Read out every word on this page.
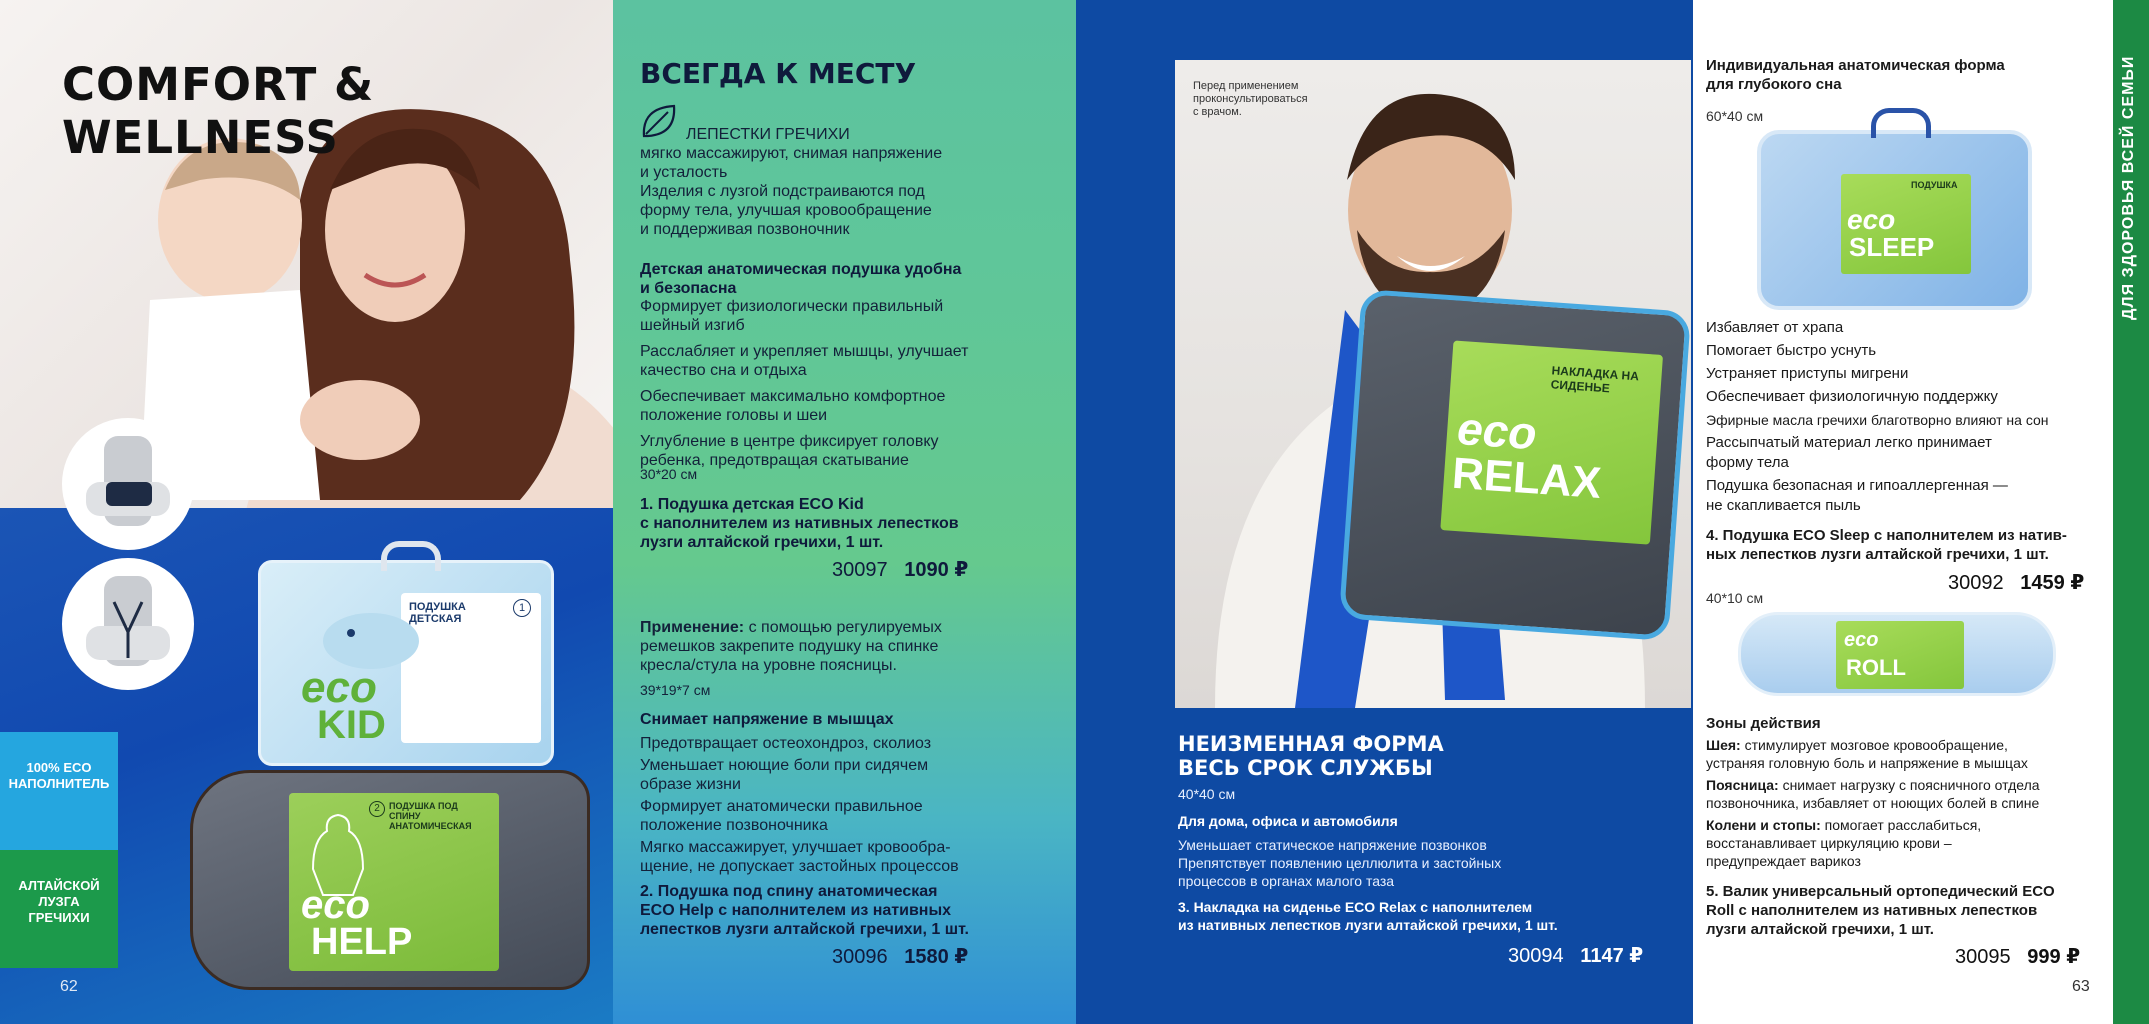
COMFORT & WELLNESS
100% ECO НАПОЛНИТЕЛЬ
АЛТАЙСКОЙ ЛУЗГА ГРЕЧИХИ
ПОДУШКА ДЕТСКАЯ
1
eco
KID
ПОДУШКА ПОД СПИНУ АНАТОМИЧЕСКАЯ
2
eco
HELP
62
ВСЕГДА К МЕСТУ
ЛЕПЕСТКИ ГРЕЧИХИ
мягко массажируют, снимая напряжение
и усталость
Изделия с лузгой подстраиваются под
форму тела, улучшая кровообращение
и поддерживая позвоночник
Детская анатомическая подушка удобна
и безопасна
Формирует физиологически правильный
шейный изгиб
Расслабляет и укрепляет мышцы, улучшает
качество сна и отдыха
Обеспечивает максимально комфортное
положение головы и шеи
Углубление в центре фиксирует головку
ребенка, предотвращая скатывание
30*20 см
1. Подушка детская ECO Kid
с наполнителем из нативных лепестков
лузги алтайской гречихи, 1 шт.
30097 1090 ₽
Применение: с помощью регулируемых
ремешков закрепите подушку на спинке
кресла/стула на уровне поясницы.
39*19*7 см
Снимает напряжение в мышцах
Предотвращает остеохондроз, сколиоз
Уменьшает ноющие боли при сидячем
образе жизни
Формирует анатомически правильное
положение позвоночника
Мягко массажирует, улучшает кровообра-
щение, не допускает застойных процессов
2. Подушка под спину анатомическая
ECO Help с наполнителем из нативных
лепестков лузги алтайской гречихи, 1 шт.
30096 1580 ₽
НАКЛАДКА НА СИДЕНЬЕ
eco
RELAX
Перед применением
проконсультироваться
с врачом.
НЕИЗМЕННАЯ ФОРМА
ВЕСЬ СРОК СЛУЖБЫ
40*40 см
Для дома, офиса и автомобиля
Уменьшает статическое напряжение позвонков
Препятствует появлению целлюлита и застойных
процессов в органах малого таза
3. Накладка на сиденье ECO Relax с наполнителем
из нативных лепестков лузги алтайской гречихи, 1 шт.
30094 1147 ₽
Индивидуальная анатомическая форма
для глубокого сна
60*40 см
ПОДУШКА
eco
SLEEP
Избавляет от храпа
Помогает быстро уснуть
Устраняет приступы мигрени
Обеспечивает физиологичную поддержку
Эфирные масла гречихи благотворно влияют на сон
Рассыпчатый материал легко принимает
форму тела
Подушка безопасная и гипоаллергенная —
не скапливается пыль
4. Подушка ECO Sleep с наполнителем из натив-
ных лепестков лузги алтайской гречихи, 1 шт.
30092 1459 ₽
40*10 см
eco
ROLL
Зоны действия
Шея: стимулирует мозговое кровообращение,
устраняя головную боль и напряжение в мышцах
Поясница: снимает нагрузку с поясничного отдела
позвоночника, избавляет от ноющих болей в спине
Колени и стопы: помогает расслабиться,
восстанавливает циркуляцию крови –
предупреждает варикоз
5. Валик универсальный ортопедический ECO
Roll с наполнителем из нативных лепестков
лузги алтайской гречихи, 1 шт.
30095 999 ₽
63
ДЛЯ ЗДОРОВЬЯ ВСЕЙ СЕМЬИ
